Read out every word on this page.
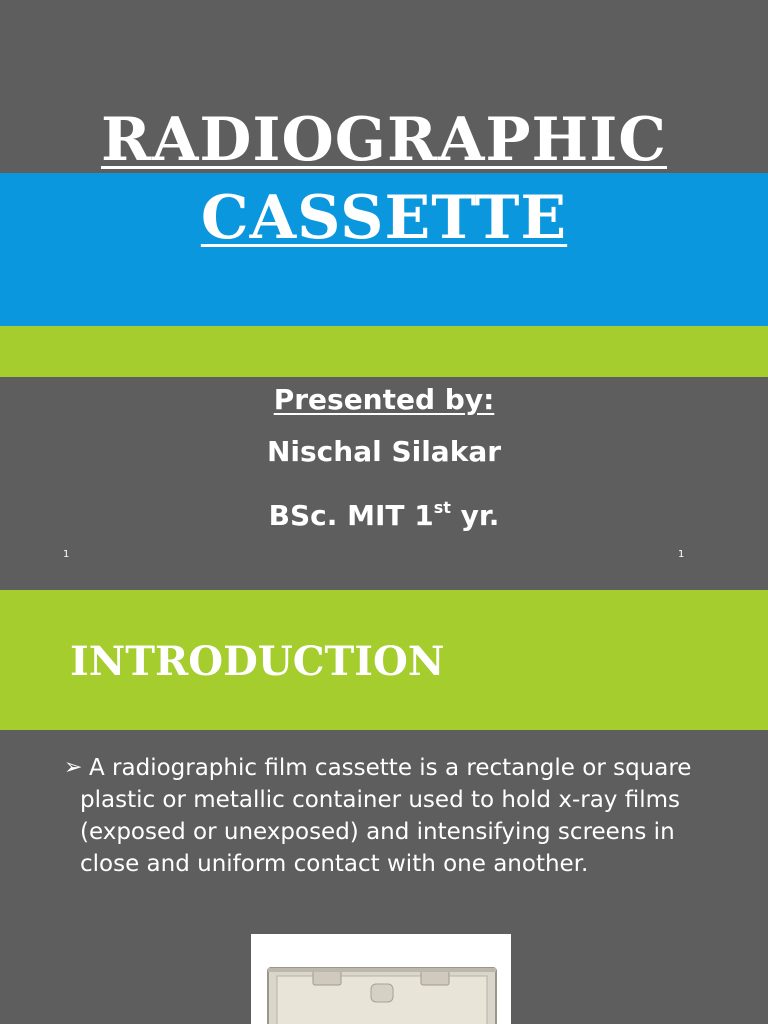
RADIOGRAPHIC
CASSETTE
Presented by:
Nischal Silakar
BSc. MIT 1st yr.
1	1
INTRODUCTION
➢ A radiographic film cassette is a rectangle or square plastic or metallic container used to hold x-ray films (exposed or unexposed) and intensifying screens in close and uniform contact with one another.
